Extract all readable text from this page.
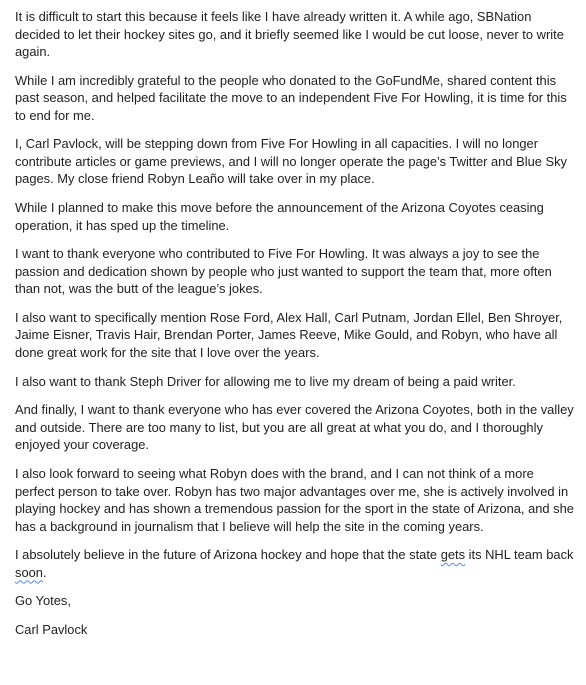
It is difficult to start this because it feels like I have already written it. A while ago, SBNation decided to let their hockey sites go, and it briefly seemed like I would be cut loose, never to write again.

While I am incredibly grateful to the people who donated to the GoFundMe, shared content this past season, and helped facilitate the move to an independent Five For Howling, it is time for this to end for me.

I, Carl Pavlock, will be stepping down from Five For Howling in all capacities. I will no longer contribute articles or game previews, and I will no longer operate the page’s Twitter and Blue Sky pages. My close friend Robyn Leaño will take over in my place.

While I planned to make this move before the announcement of the Arizona Coyotes ceasing operation, it has sped up the timeline.

I want to thank everyone who contributed to Five For Howling. It was always a joy to see the passion and dedication shown by people who just wanted to support the team that, more often than not, was the butt of the league’s jokes.

I also want to specifically mention Rose Ford, Alex Hall, Carl Putnam, Jordan Ellel, Ben Shroyer, Jaime Eisner, Travis Hair, Brendan Porter, James Reeve, Mike Gould, and Robyn, who have all done great work for the site that I love over the years.

I also want to thank Steph Driver for allowing me to live my dream of being a paid writer.

And finally, I want to thank everyone who has ever covered the Arizona Coyotes, both in the valley and outside. There are too many to list, but you are all great at what you do, and I thoroughly enjoyed your coverage.

I also look forward to seeing what Robyn does with the brand, and I can not think of a more perfect person to take over. Robyn has two major advantages over me, she is actively involved in playing hockey and has shown a tremendous passion for the sport in the state of Arizona, and she has a background in journalism that I believe will help the site in the coming years.

I absolutely believe in the future of Arizona hockey and hope that the state gets its NHL team back soon.

Go Yotes,

Carl Pavlock
